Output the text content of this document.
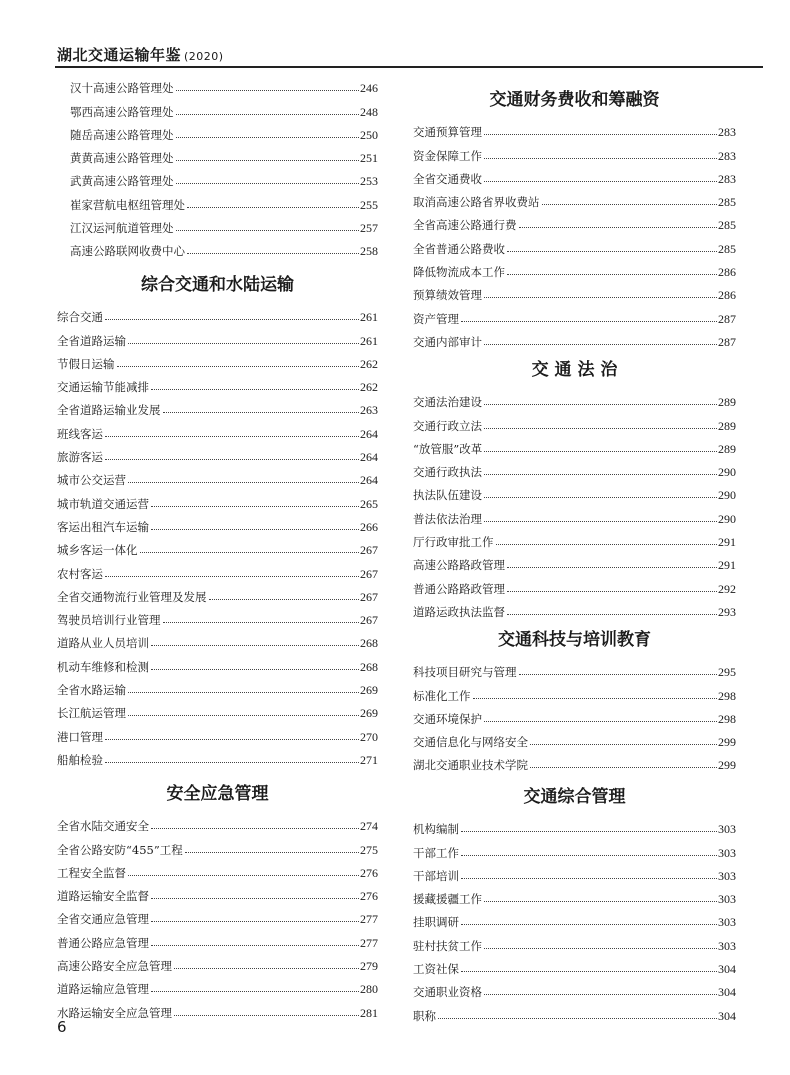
湖北交通运输年鉴 (2020)
汉十高速公路管理处	246
鄂西高速公路管理处	248
随岳高速公路管理处	250
黄黄高速公路管理处	251
武黄高速公路管理处	253
崔家营航电枢纽管理处	255
江汉运河航道管理处	257
高速公路联网收费中心	258
综合交通和水陆运输
综合交通	261
全省道路运输	261
节假日运输	262
交通运输节能减排	262
全省道路运输业发展	263
班线客运	264
旅游客运	264
城市公交运营	264
城市轨道交通运营	265
客运出租汽车运输	266
城乡客运一体化	267
农村客运	267
全省交通物流行业管理及发展	267
驾驶员培训行业管理	267
道路从业人员培训	268
机动车维修和检测	268
全省水路运输	269
长江航运管理	269
港口管理	270
船舶检验	271
安全应急管理
全省水陆交通安全	274
全省公路安防“455”工程	275
工程安全监督	276
道路运输安全监督	276
全省交通应急管理	277
普通公路应急管理	277
高速公路安全应急管理	279
道路运输应急管理	280
水路运输安全应急管理	281
交通财务费收和筹融资
交通预算管理	283
资金保障工作	283
全省交通费收	283
取消高速公路省界收费站	285
全省高速公路通行费	285
全省普通公路费收	285
降低物流成本工作	286
预算绩效管理	286
资产管理	287
交通内部审计	287
交 通 法 治
交通法治建设	289
交通行政立法	289
“放管服”改革	289
交通行政执法	290
执法队伍建设	290
普法依法治理	290
厅行政审批工作	291
高速公路路政管理	291
普通公路路政管理	292
道路运政执法监督	293
交通科技与培训教育
科技项目研究与管理	295
标准化工作	298
交通环境保护	298
交通信息化与网络安全	299
湖北交通职业技术学院	299
交通综合管理
机构编制	303
干部工作	303
干部培训	303
援藏援疆工作	303
挂职调研	303
驻村扶贫工作	303
工资社保	304
交通职业资格	304
职称	304
6
